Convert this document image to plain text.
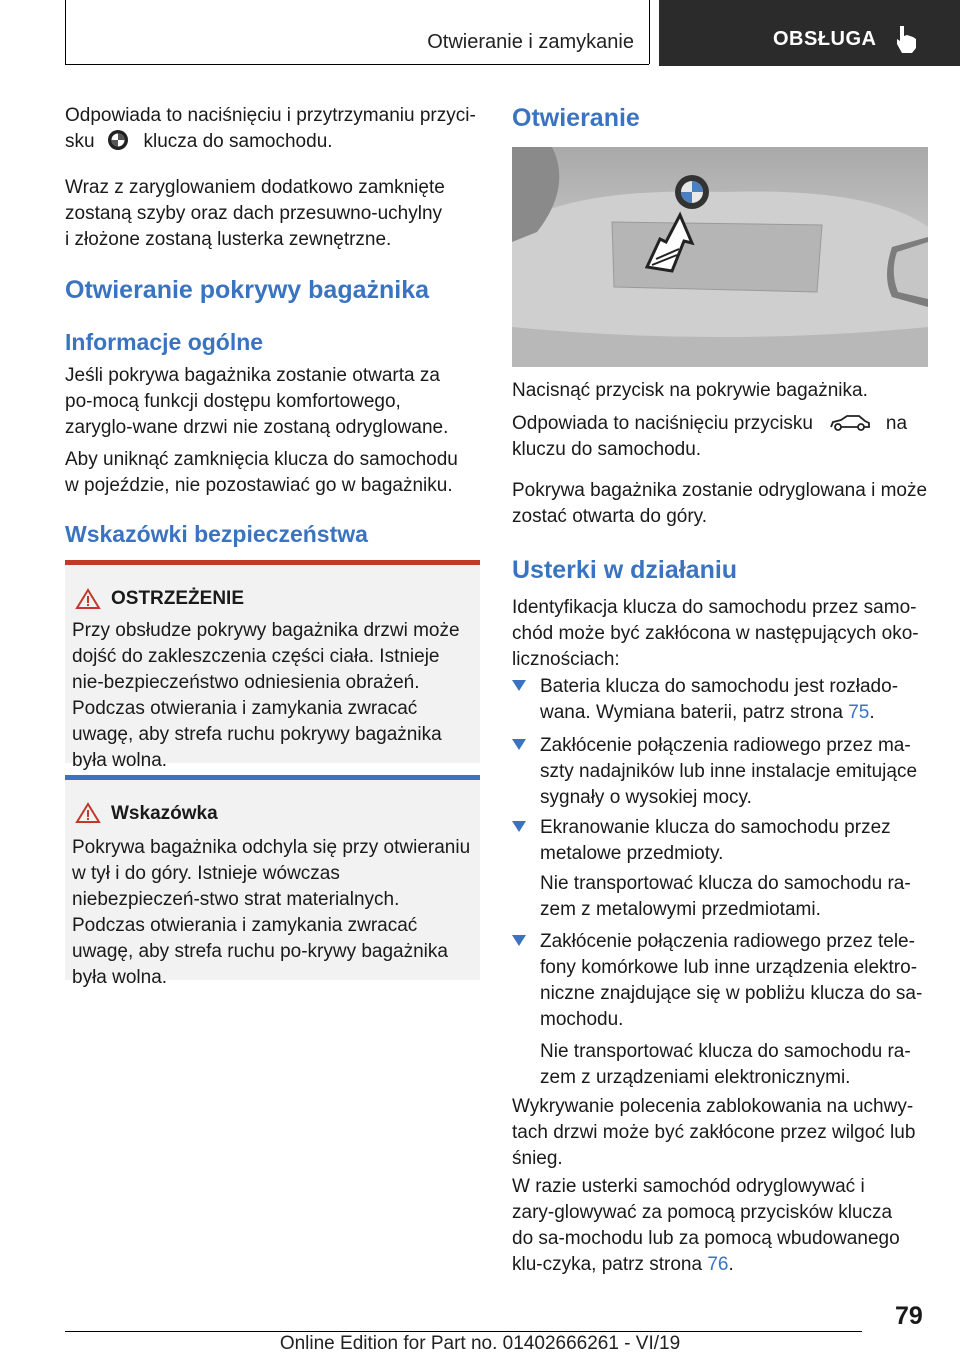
Otwieranie i zamykanie	OBSŁUGA

Odpowiada to naciśnięciu i przytrzymaniu przyci-

sku	klucza do samochodu.

Wraz z zaryglowaniem dodatkowo zamknięte zostaną szyby oraz dach przesuwno-uchylny i złożone zostaną lusterka zewnętrzne.

Otwieranie pokrywy bagażnika
Informacje ogólne

Jeśli pokrywa bagażnika zostanie otwarta za po-mocą funkcji dostępu komfortowego, zaryglo-wane drzwi nie zostaną odryglowane.

Aby uniknąć zamknięcia klucza do samochodu w pojeździe, nie pozostawiać go w bagażniku.

Wskazówki bezpieczeństwa
OSTRZEŻENIE

Przy obsłudze pokrywy bagażnika drzwi może dojść do zakleszczenia części ciała. Istnieje nie-bezpieczeństwo odniesienia obrażeń. Podczas otwierania i zamykania zwracać uwagę, aby strefa ruchu pokrywy bagażnika była wolna.

Wskazówka

Pokrywa bagażnika odchyla się przy otwieraniu w tył i do góry. Istnieje wówczas niebezpieczeń-stwo strat materialnych. Podczas otwierania i zamykania zwracać uwagę, aby strefa ruchu po-krywy bagażnika była wolna.

Otwieranie

Nacisnąć przycisk na pokrywie bagażnika.

Odpowiada to naciśnięciu przycisku	na

kluczu do samochodu.

Pokrywa bagażnika zostanie odryglowana i może zostać otwarta do góry.

Usterki w działaniu

Identyfikacja klucza do samochodu przez samo-chód może być zakłócona w następujących oko-licznościach:

Bateria klucza do samochodu jest rozłado-wana. Wymiana baterii, patrz strona 75.

Zakłócenie połączenia radiowego przez ma-szty nadajników lub inne instalacje emitujące sygnały o wysokiej mocy.

Ekranowanie klucza do samochodu przez metalowe przedmioty.

Nie transportować klucza do samochodu ra-zem z metalowymi przedmiotami.

Zakłócenie połączenia radiowego przez tele-fony komórkowe lub inne urządzenia elektro-niczne znajdujące się w pobliżu klucza do sa-mochodu.

Nie transportować klucza do samochodu ra-zem z urządzeniami elektronicznymi.

Wykrywanie polecenia zablokowania na uchwy-tach drzwi może być zakłócone przez wilgoć lub śnieg.

W razie usterki samochód odryglowywać i zary-glowywać za pomocą przycisków klucza do sa-mochodu lub za pomocą wbudowanego klu-czyka, patrz strona 76.

79
Online Edition for Part no. 01402666261 - VI/19
